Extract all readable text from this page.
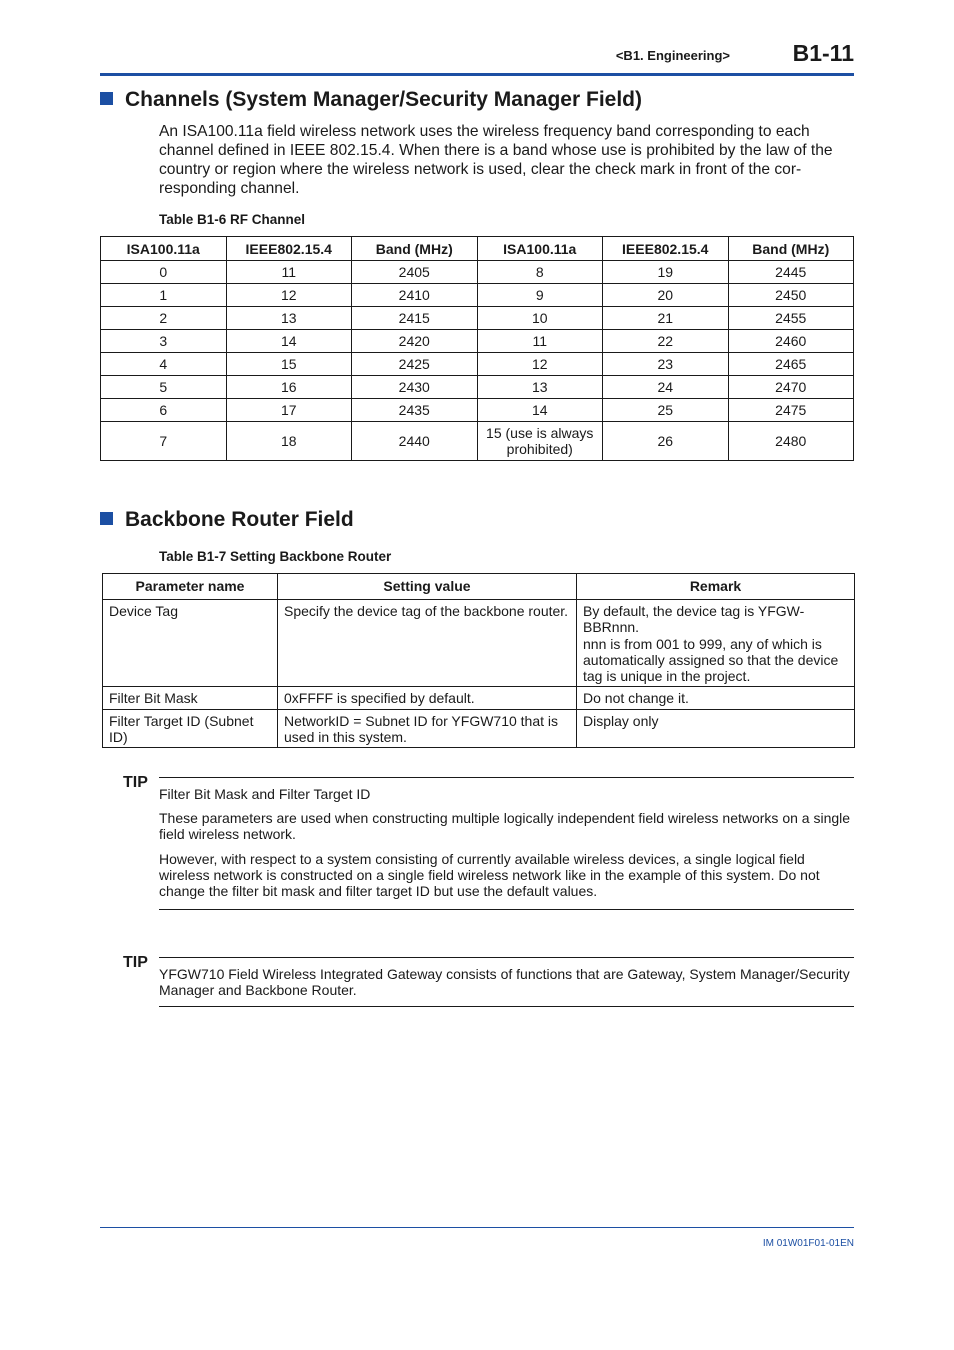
<B1. Engineering>	B1-11
Channels (System Manager/Security Manager Field)
An ISA100.11a field wireless network uses the wireless frequency band corresponding to each channel defined in IEEE 802.15.4. When there is a band whose use is prohibited by the law of the country or region where the wireless network is used, clear the check mark in front of the cor-responding channel.
Table B1-6 RF Channel
ISA100.11a	IEEE802.15.4	Band (MHz)	ISA100.11a	IEEE802.15.4	Band (MHz)
0	11	2405	8	19	2445
1	12	2410	9	20	2450
2	13	2415	10	21	2455
3	14	2420	11	22	2460
4	15	2425	12	23	2465
5	16	2430	13	24	2470
6	17	2435	14	25	2475
7	18	2440	15 (use is always prohibited)	26	2480
Backbone Router Field
Table B1-7 Setting Backbone Router
Parameter name	Setting value	Remark
Device Tag	Specify the device tag of the backbone router.	By default, the device tag is YFGW-BBRnnn.
nnn is from 001 to 999, any of which is automatically assigned so that the device tag is unique in the project.

Filter Bit Mask	0xFFFF is specified by default.	Do not change it.

Filter Target ID (Subnet ID)	NetworkID = Subnet ID for YFGW710 that is used in this system.	Display only
TIP

Filter Bit Mask and Filter Target ID

These parameters are used when constructing multiple logically independent field wireless networks on a single field wireless network.

However, with respect to a system consisting of currently available wireless devices, a single logical field wireless network is constructed on a single field wireless network like in the example of this system. Do not change the filter bit mask and filter target ID but use the default values.

TIP
YFGW710 Field Wireless Integrated Gateway consists of functions that are Gateway, System Manager/Security Manager and Backbone Router.
IM 01W01F01-01EN
